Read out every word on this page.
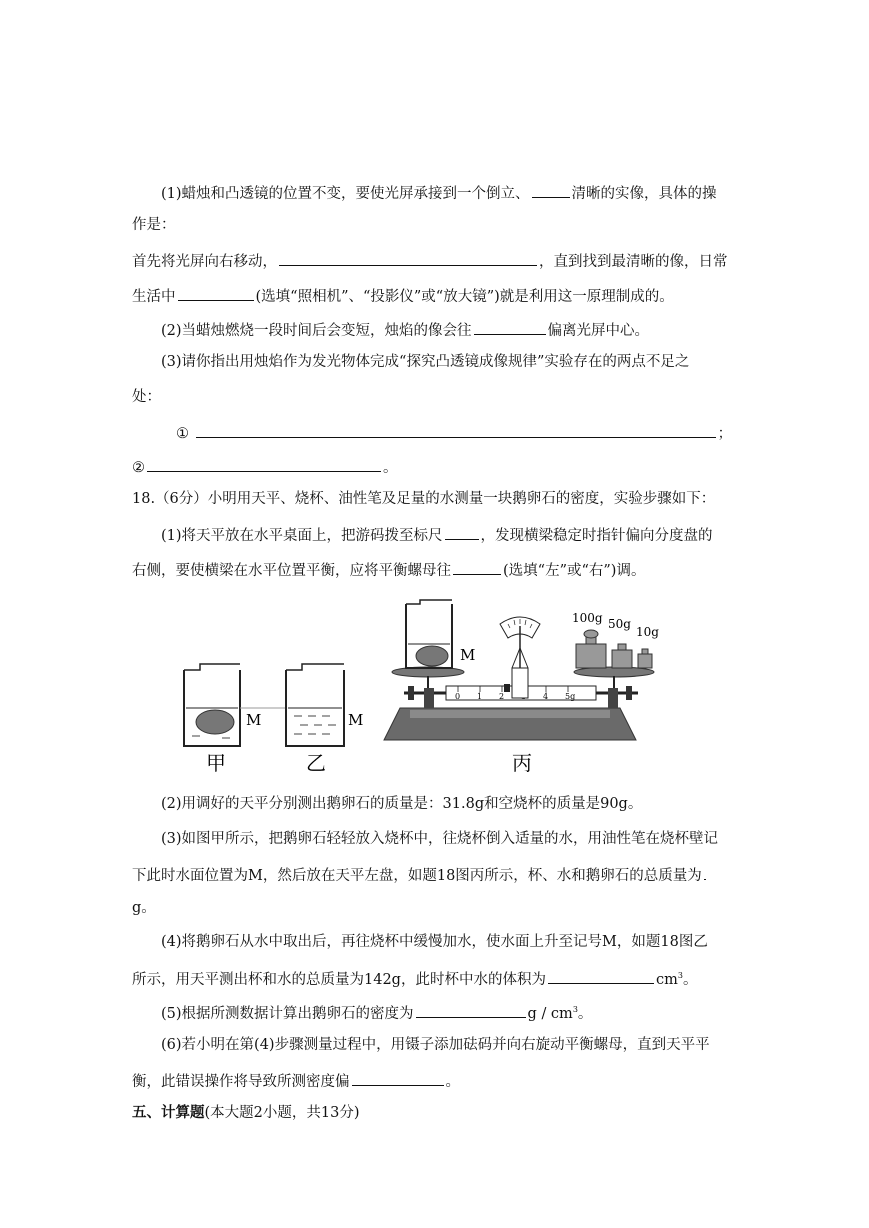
(1)蜡烛和凸透镜的位置不变，要使光屏承接到一个倒立、	清晰的实像，具体的操
作是：
首先将光屏向右移动，	，直到找到最清晰的像，日常
生活中	(选填“照相机”、“投影仪”或“放大镜”)就是利用这一原理制成的。
(2)当蜡烛燃烧一段时间后会变短，烛焰的像会往	偏离光屏中心。
(3)请你指出用烛焰作为发光物体完成“探究凸透镜成像规律”实验存在的两点不足之
处：
①	；
②	。
18.（6分）小明用天平、烧杯、油性笔及足量的水测量一块鹅卵石的密度，实验步骤如下：
(1)将天平放在水平桌面上，把游码拨至标尺	，发现横梁稳定时指针偏向分度盘的
右侧，要使横梁在水平位置平衡，应将平衡螺母往	(选填“左”或“右”)调。
M	M
甲	乙
0 1 2	4 5g
M
100g 50g
10g
丙
(2)用调好的天平分别测出鹅卵石的质量是：31.8g和空烧杯的质量是90g。
(3)如图甲所示，把鹅卵石轻轻放入烧杯中，往烧杯倒入适量的水，用油性笔在烧杯壁记
下此时水面位置为M，然后放在天平左盘，如题18图丙所示，杯、水和鹅卵石的总质量为
g。
(4)将鹅卵石从水中取出后，再往烧杯中缓慢加水，使水面上升至记号M，如题18图乙
所示，用天平测出杯和水的总质量为142g，此时杯中水的体积为	$cm^3$。
(5)根据所测数据计算出鹅卵石的密度为	g / $cm^3$。
(6)若小明在第(4)步骤测量过程中，用镊子添加砝码并向右旋动平衡螺母，直到天平平
衡，此错误操作将导致所测密度偏	。
五、计算题(本大题2小题，共13分)
